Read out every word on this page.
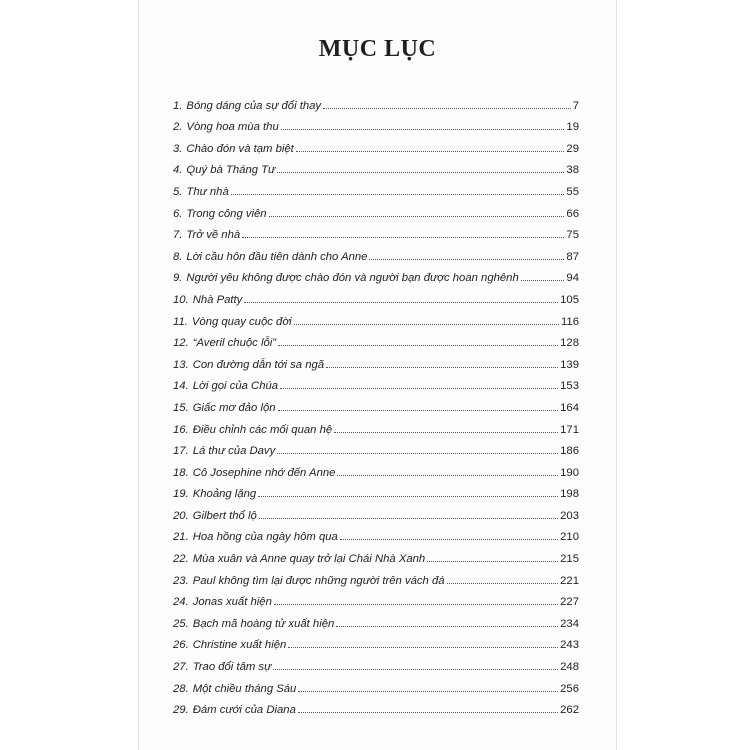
MỤC LỤC
1. Bóng dáng của sự đổi thay	7
2. Vòng hoa mùa thu	19
3. Chào đón và tạm biệt	29
4. Quý bà Tháng Tư	38
5. Thư nhà	55
6. Trong công viên	66
7. Trở về nhà	75
8. Lời cầu hôn đầu tiên dành cho Anne	87
9. Người yêu không được chào đón và người bạn được hoan nghênh	94
10. Nhà Patty	105
11. Vòng quay cuộc đời	116
12. “Averil chuộc lỗi”	128
13. Con đường dẫn tới sa ngã	139
14. Lời gọi của Chúa	153
15. Giấc mơ đảo lộn	164
16. Điều chỉnh các mối quan hệ	171
17. Lá thư của Davy	186
18. Cô Josephine nhớ đến Anne	190
19. Khoảng lặng	198
20. Gilbert thổ lộ	203
21. Hoa hồng của ngày hôm qua	210
22. Mùa xuân và Anne quay trở lại Chái Nhà Xanh	215
23. Paul không tìm lại được những người trên vách đá	221
24. Jonas xuất hiện	227
25. Bạch mã hoàng tử xuất hiện	234
26. Christine xuất hiện	243
27. Trao đổi tâm sự	248
28. Một chiều tháng Sáu	256
29. Đám cưới của Diana	262
